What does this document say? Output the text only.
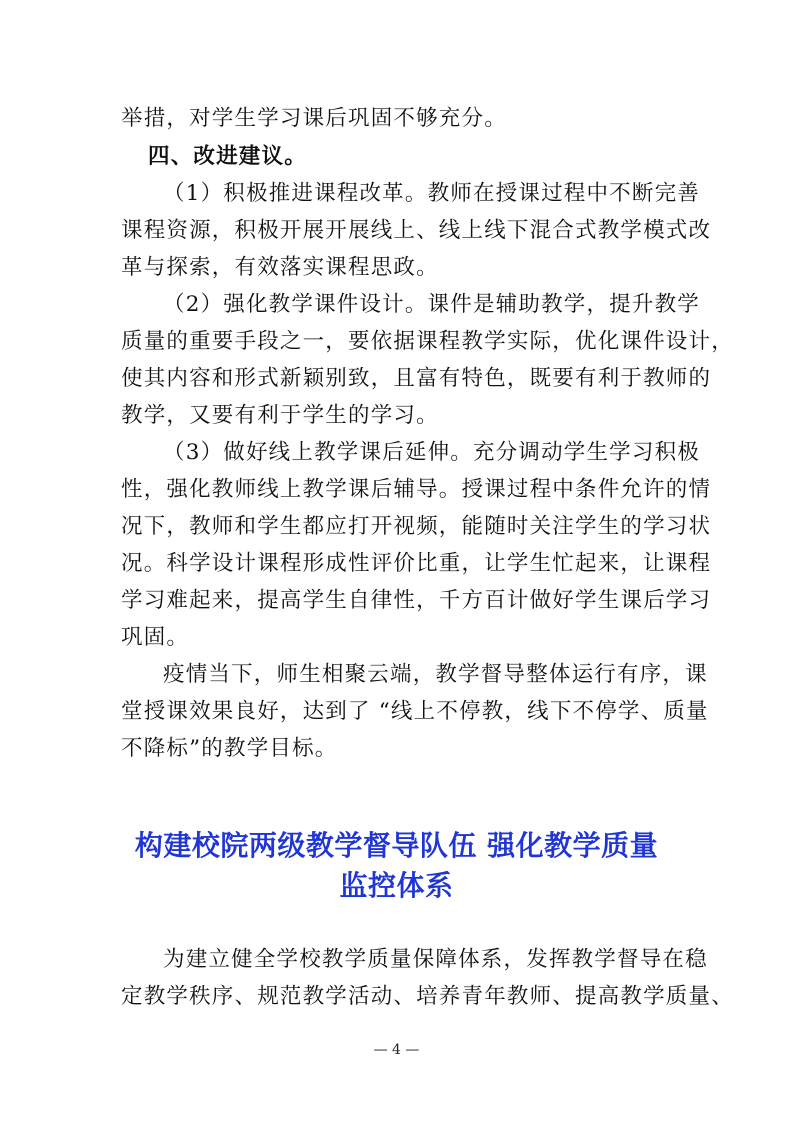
举措，对学生学习课后巩固不够充分。
四、改进建议。
（1）积极推进课程改革。教师在授课过程中不断完善
课程资源，积极开展开展线上、线上线下混合式教学模式改
革与探索，有效落实课程思政。
（2）强化教学课件设计。课件是辅助教学，提升教学
质量的重要手段之一，要依据课程教学实际，优化课件设计，
使其内容和形式新颖别致，且富有特色，既要有利于教师的
教学，又要有利于学生的学习。
（3）做好线上教学课后延伸。充分调动学生学习积极
性，强化教师线上教学课后辅导。授课过程中条件允许的情
况下，教师和学生都应打开视频，能随时关注学生的学习状
况。科学设计课程形成性评价比重，让学生忙起来，让课程
学习难起来，提高学生自律性，千方百计做好学生课后学习
巩固。
疫情当下，师生相聚云端，教学督导整体运行有序，课
堂授课效果良好，达到了 “线上不停教，线下不停学、质量
不降标”的教学目标。
构建校院两级教学督导队伍 强化教学质量
监控体系
为建立健全学校教学质量保障体系，发挥教学督导在稳
定教学秩序、规范教学活动、培养青年教师、提高教学质量、
— 4 —
